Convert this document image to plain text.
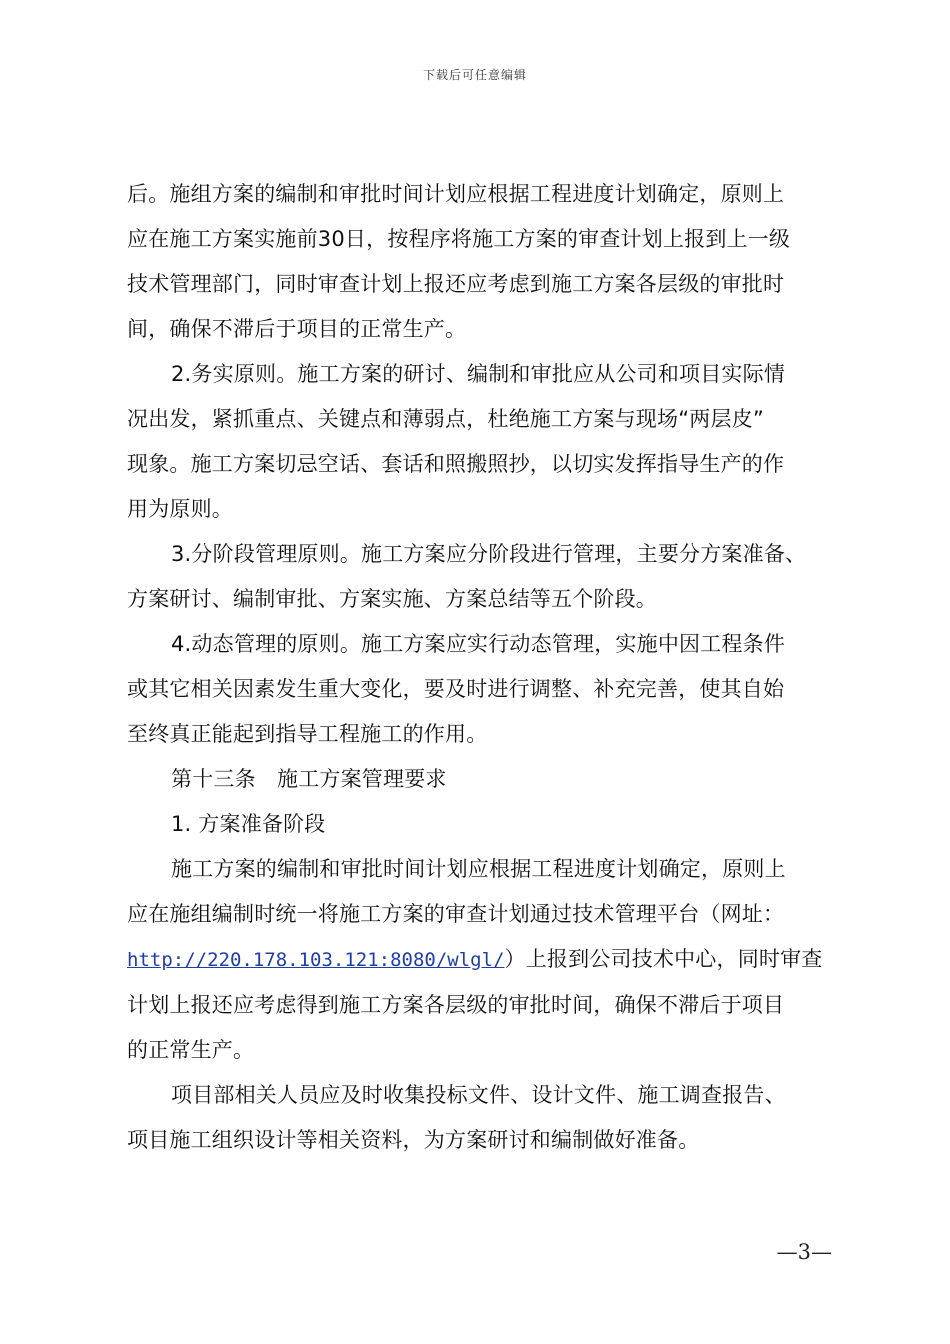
下载后可任意编辑

后。施组方案的编制和审批时间计划应根据工程进度计划确定，原则上

应在施工方案实施前30日，按程序将施工方案的审查计划上报到上一级

技术管理部门，同时审查计划上报还应考虑到施工方案各层级的审批时

间，确保不滞后于项目的正常生产。

2.务实原则。施工方案的研讨、编制和审批应从公司和项目实际情

况出发，紧抓重点、关键点和薄弱点，杜绝施工方案与现场“两层皮”

现象。施工方案切忌空话、套话和照搬照抄，以切实发挥指导生产的作

用为原则。

3.分阶段管理原则。施工方案应分阶段进行管理，主要分方案准备、

方案研讨、编制审批、方案实施、方案总结等五个阶段。

4.动态管理的原则。施工方案应实行动态管理，实施中因工程条件

或其它相关因素发生重大变化，要及时进行调整、补充完善，使其自始

至终真正能起到指导工程施工的作用。

第十三条　施工方案管理要求

1. 方案准备阶段

施工方案的编制和审批时间计划应根据工程进度计划确定，原则上

应在施组编制时统一将施工方案的审查计划通过技术管理平台（网址：

http://220.178.103.121:8080/wlgl/）上报到公司技术中心，同时审查

计划上报还应考虑得到施工方案各层级的审批时间，确保不滞后于项目

的正常生产。

项目部相关人员应及时收集投标文件、设计文件、施工调查报告、

项目施工组织设计等相关资料，为方案研讨和编制做好准备。

—3—
